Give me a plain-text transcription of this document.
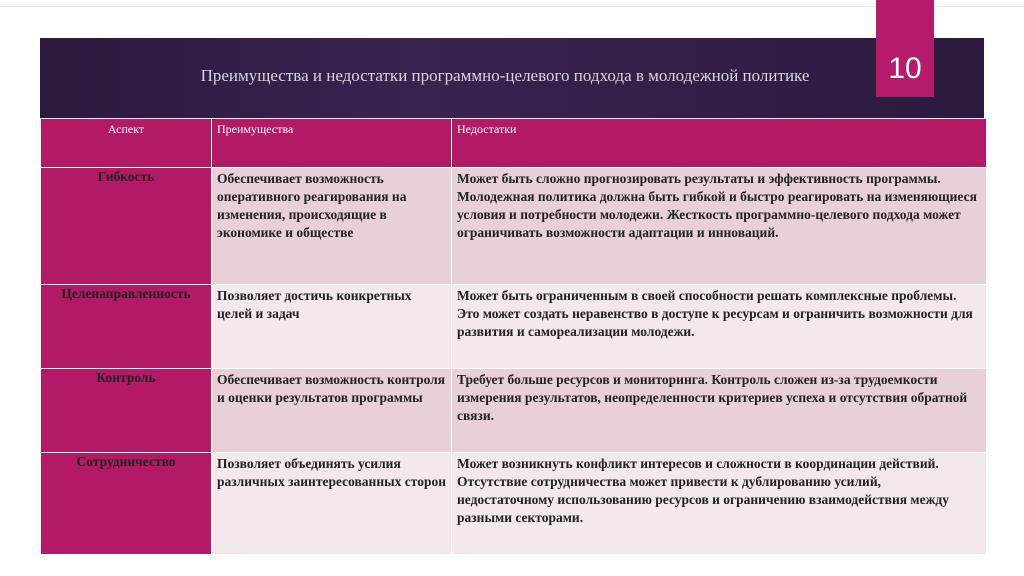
Преимущества и недостатки программно-целевого подхода в молодежной политике	10
Аспект	Преимущества	Недостатки
Гибкость	Обеспечивает возможность оперативного реагирования на изменения, происходящие в экономике и обществе	Может быть сложно прогнозировать результаты и эффективность программы. Молодежная политика должна быть гибкой и быстро реагировать на изменяющиеся условия и потребности молодежи. Жесткость программно-целевого подхода может ограничивать возможности адаптации и инноваций.
Целенаправленность	Позволяет достичь конкретных целей и задач	Может быть ограниченным в своей способности решать комплексные проблемы. Это может создать неравенство в доступе к ресурсам и ограничить возможности для развития и самореализации молодежи.
Контроль	Обеспечивает возможность контроля и оценки результатов программы	Требует больше ресурсов и мониторинга. Контроль сложен из-за трудоемкости измерения результатов, неопределенности критериев успеха и отсутствия обратной связи.
Сотрудничество	Позволяет объединять усилия различных заинтересованных сторон	Может возникнуть конфликт интересов и сложности в координации действий. Отсутствие сотрудничества может привести к дублированию усилий, недостаточному использованию ресурсов и ограничению взаимодействия между разными секторами.
